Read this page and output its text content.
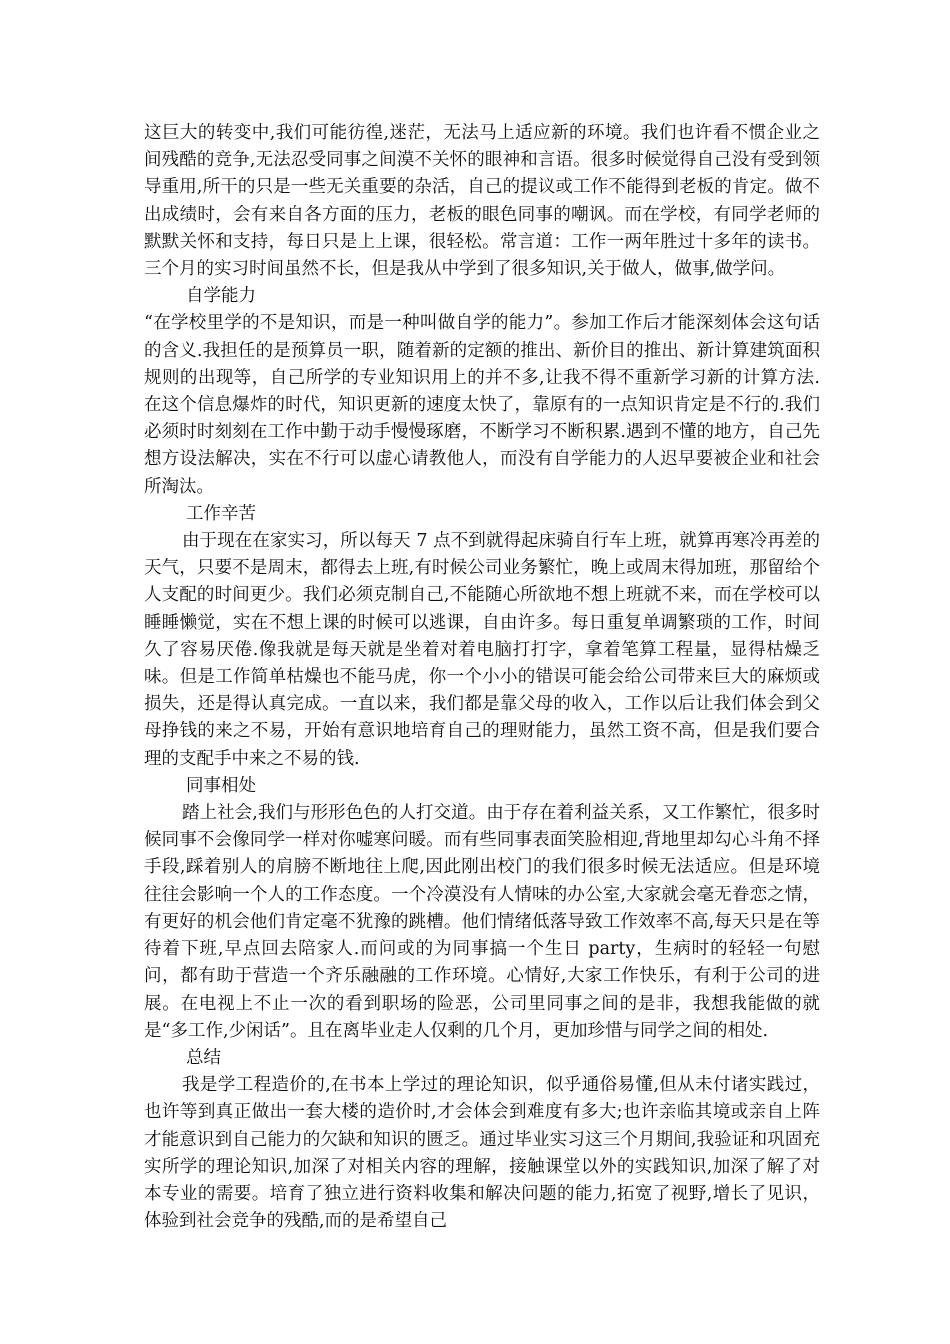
这巨大的转变中,我们可能彷徨,迷茫，无法马上适应新的环境。我们也许看不惯企业之间残酷的竞争,无法忍受同事之间漠不关怀的眼神和言语。很多时候觉得自己没有受到领导重用,所干的只是一些无关重要的杂活，自己的提议或工作不能得到老板的肯定。做不出成绩时，会有来自各方面的压力，老板的眼色同事的嘲讽。而在学校，有同学老师的默默关怀和支持，每日只是上上课，很轻松。常言道：工作一两年胜过十多年的读书。三个月的实习时间虽然不长，但是我从中学到了很多知识,关于做人，做事,做学问。

自学能力

“在学校里学的不是知识，而是一种叫做自学的能力”。参加工作后才能深刻体会这句话的含义.我担任的是预算员一职，随着新的定额的推出、新价目的推出、新计算建筑面积规则的出现等，自己所学的专业知识用上的并不多,让我不得不重新学习新的计算方法.在这个信息爆炸的时代，知识更新的速度太快了，靠原有的一点知识肯定是不行的.我们必须时时刻刻在工作中勤于动手慢慢琢磨，不断学习不断积累.遇到不懂的地方，自己先想方设法解决，实在不行可以虚心请教他人，而没有自学能力的人迟早要被企业和社会所淘汰。

工作辛苦

由于现在在家实习，所以每天 7 点不到就得起床骑自行车上班，就算再寒冷再差的天气，只要不是周末，都得去上班,有时候公司业务繁忙，晚上或周末得加班，那留给个人支配的时间更少。我们必须克制自己,不能随心所欲地不想上班就不来，而在学校可以睡睡懒觉，实在不想上课的时候可以逃课，自由许多。每日重复单调繁琐的工作，时间久了容易厌倦.像我就是每天就是坐着对着电脑打打字，拿着笔算工程量，显得枯燥乏味。但是工作简单枯燥也不能马虎，你一个小小的错误可能会给公司带来巨大的麻烦或损失，还是得认真完成。一直以来，我们都是靠父母的收入，工作以后让我们体会到父母挣钱的来之不易，开始有意识地培育自己的理财能力，虽然工资不高，但是我们要合理的支配手中来之不易的钱.

同事相处

踏上社会,我们与形形色色的人打交道。由于存在着利益关系，又工作繁忙，很多时候同事不会像同学一样对你嘘寒问暖。而有些同事表面笑脸相迎,背地里却勾心斗角不择手段,踩着别人的肩膀不断地往上爬,因此刚出校门的我们很多时候无法适应。但是环境往往会影响一个人的工作态度。一个冷漠没有人情味的办公室,大家就会毫无眷恋之情，有更好的机会他们肯定毫不犹豫的跳槽。他们情绪低落导致工作效率不高,每天只是在等待着下班,早点回去陪家人.而问或的为同事搞一个生日 party，生病时的轻轻一句慰问，都有助于营造一个齐乐融融的工作环境。心情好,大家工作快乐，有利于公司的进展。在电视上不止一次的看到职场的险恶，公司里同事之间的是非，我想我能做的就是“多工作,少闲话”。且在离毕业走人仅剩的几个月，更加珍惜与同学之间的相处.

总结

我是学工程造价的,在书本上学过的理论知识，似乎通俗易懂,但从未付诸实践过，也许等到真正做出一套大楼的造价时,才会体会到难度有多大;也许亲临其境或亲自上阵才能意识到自己能力的欠缺和知识的匮乏。通过毕业实习这三个月期间,我验证和巩固充实所学的理论知识,加深了对相关内容的理解，接触课堂以外的实践知识,加深了解了对本专业的需要。培育了独立进行资料收集和解决问题的能力,拓宽了视野,增长了见识，体验到社会竞争的残酷,而的是希望自己
